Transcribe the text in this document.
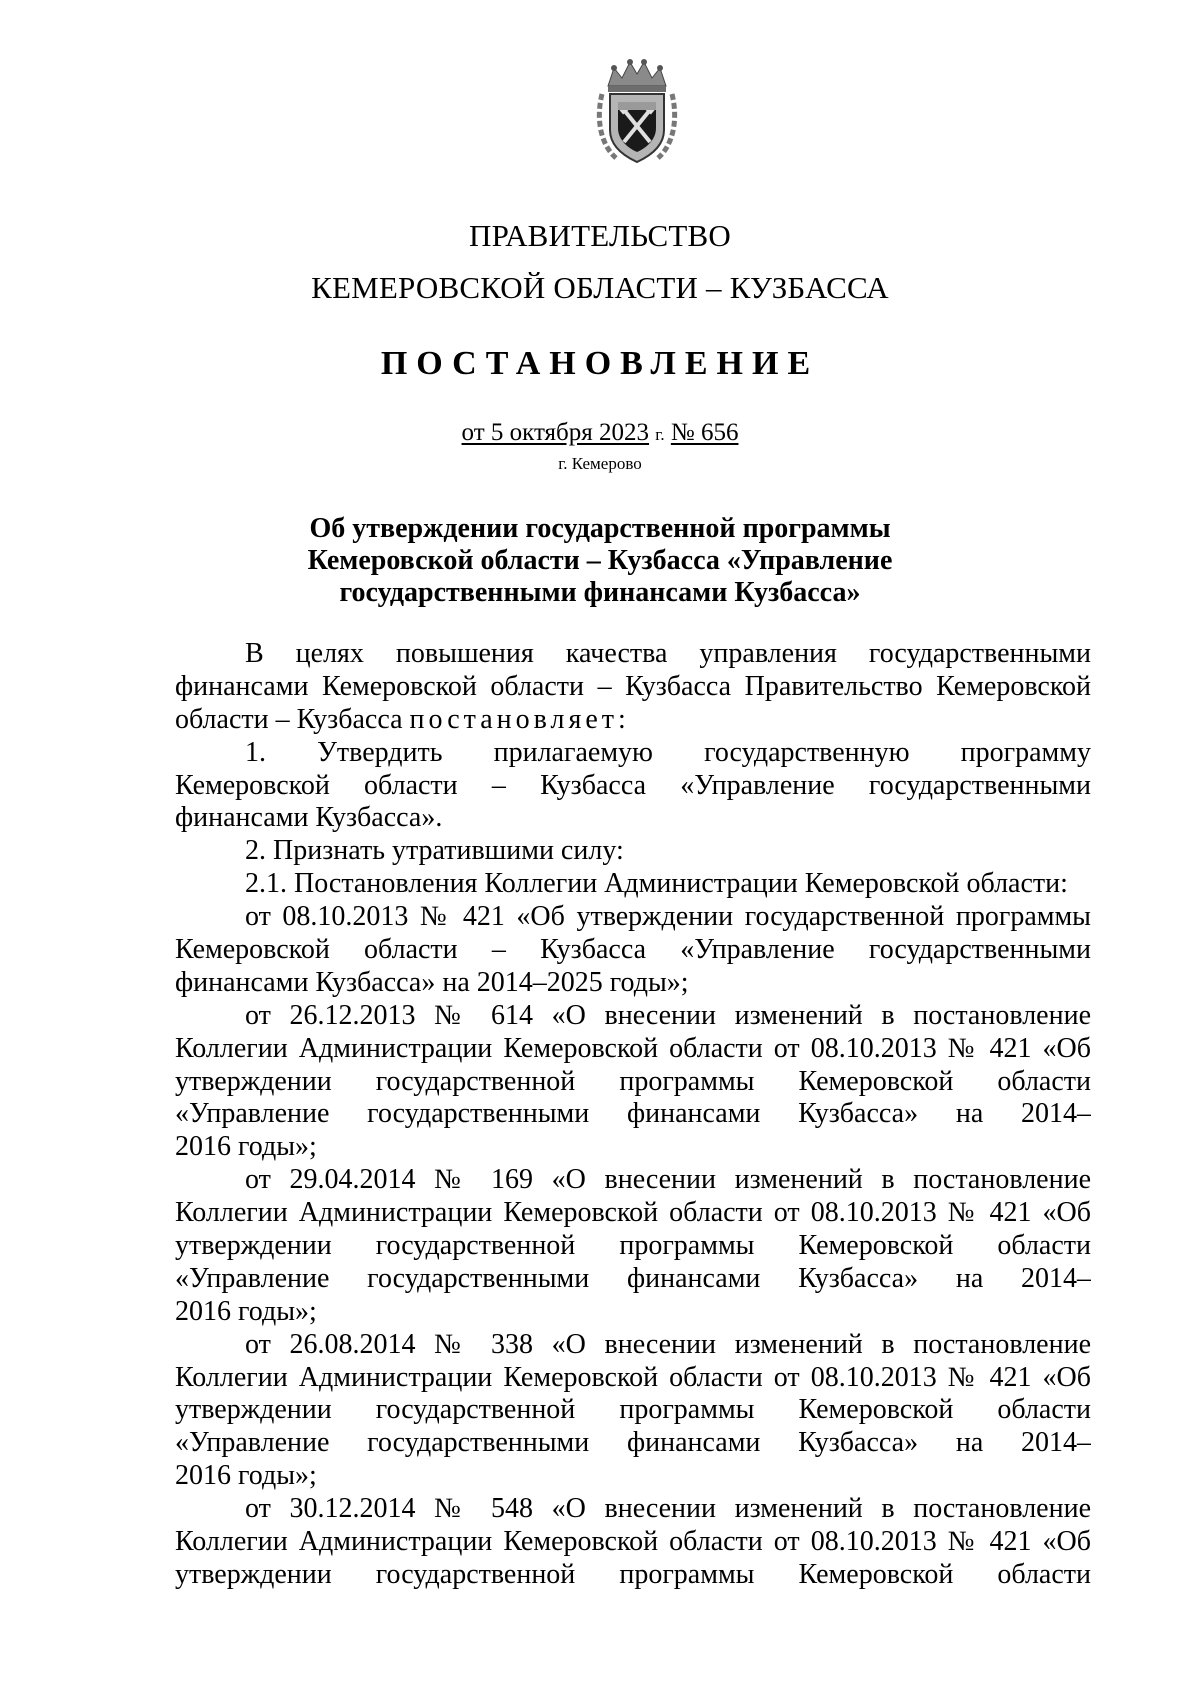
ПРАВИТЕЛЬСТВО
КЕМЕРОВСКОЙ ОБЛАСТИ – КУЗБАССА
ПОСТАНОВЛЕНИЕ
от 5 октября 2023 г. № 656
г. Кемерово
Об утверждении государственной программы
Кемеровской области – Кузбасса «Управление
государственными финансами Кузбасса»
В целях повышения качества управления государственными
финансами Кемеровской области – Кузбасса Правительство Кемеровской
области – Кузбасса постановляет:
1. Утвердить прилагаемую государственную программу
Кемеровской области – Кузбасса «Управление государственными
финансами Кузбасса».
2. Признать утратившими силу:
2.1. Постановления Коллегии Администрации Кемеровской области:
от 08.10.2013 № 421 «Об утверждении государственной программы
Кемеровской области – Кузбасса «Управление государственными
финансами Кузбасса» на 2014–2025 годы»;
от 26.12.2013 № 614 «О внесении изменений в постановление
Коллегии Администрации Кемеровской области от 08.10.2013 № 421 «Об
утверждении государственной программы Кемеровской области
«Управление государственными финансами Кузбасса» на 2014–
2016 годы»;
от 29.04.2014 № 169 «О внесении изменений в постановление
Коллегии Администрации Кемеровской области от 08.10.2013 № 421 «Об
утверждении государственной программы Кемеровской области
«Управление государственными финансами Кузбасса» на 2014–
2016 годы»;
от 26.08.2014 № 338 «О внесении изменений в постановление
Коллегии Администрации Кемеровской области от 08.10.2013 № 421 «Об
утверждении государственной программы Кемеровской области
«Управление государственными финансами Кузбасса» на 2014–
2016 годы»;
от 30.12.2014 № 548 «О внесении изменений в постановление
Коллегии Администрации Кемеровской области от 08.10.2013 № 421 «Об
утверждении государственной программы Кемеровской области
